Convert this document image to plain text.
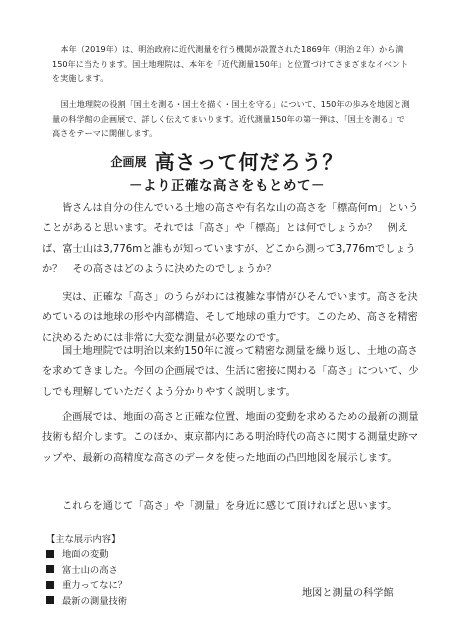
本年（2019年）は、明治政府に近代測量を行う機関が設置された1869年（明治２年）から満150年に当たります。国土地理院は、本年を「近代測量150年」と位置づけてさまざまなイベントを実施します。

国土地理院の役割「国土を測る・国土を描く・国土を守る」について、150年の歩みを地図と測量の科学館の企画展で、詳しく伝えてまいります。近代測量150年の第一弾は、「国土を測る」で高さをテーマに開催します。

企画展 高さって何だろう？
－より正確な高さをもとめて－

皆さんは自分の住んでいる土地の高さや有名な山の高さを「標高何m」ということがあると思います。それでは「高さ」や「標高」とは何でしょうか？　例えば、富士山は3,776mと誰もが知っていますが、どこから測って3,776mでしょうか？　その高さはどのように決めたのでしょうか？

実は、正確な「高さ」のうらがわには複雑な事情がひそんでいます。高さを決めているのは地球の形や内部構造、そして地球の重力です。このため、高さを精密に決めるためには非常に大変な測量が必要なのです。

国土地理院では明治以来約150年に渡って精密な測量を繰り返し、土地の高さを求めてきました。今回の企画展では、生活に密接に関わる「高さ」について、少しでも理解していただくよう分かりやすく説明します。

企画展では、地面の高さと正確な位置、地面の変動を求めるための最新の測量技術も紹介します。このほか、東京都内にある明治時代の高さに関する測量史跡マップや、最新の高精度な高さのデータを使った地面の凸凹地図を展示します。

これらを通じて「高さ」や「測量」を身近に感じて頂ければと思います。

【主な展示内容】
地面の変動
富士山の高さ
重力ってなに？
最新の測量技術
地図と測量の科学館
